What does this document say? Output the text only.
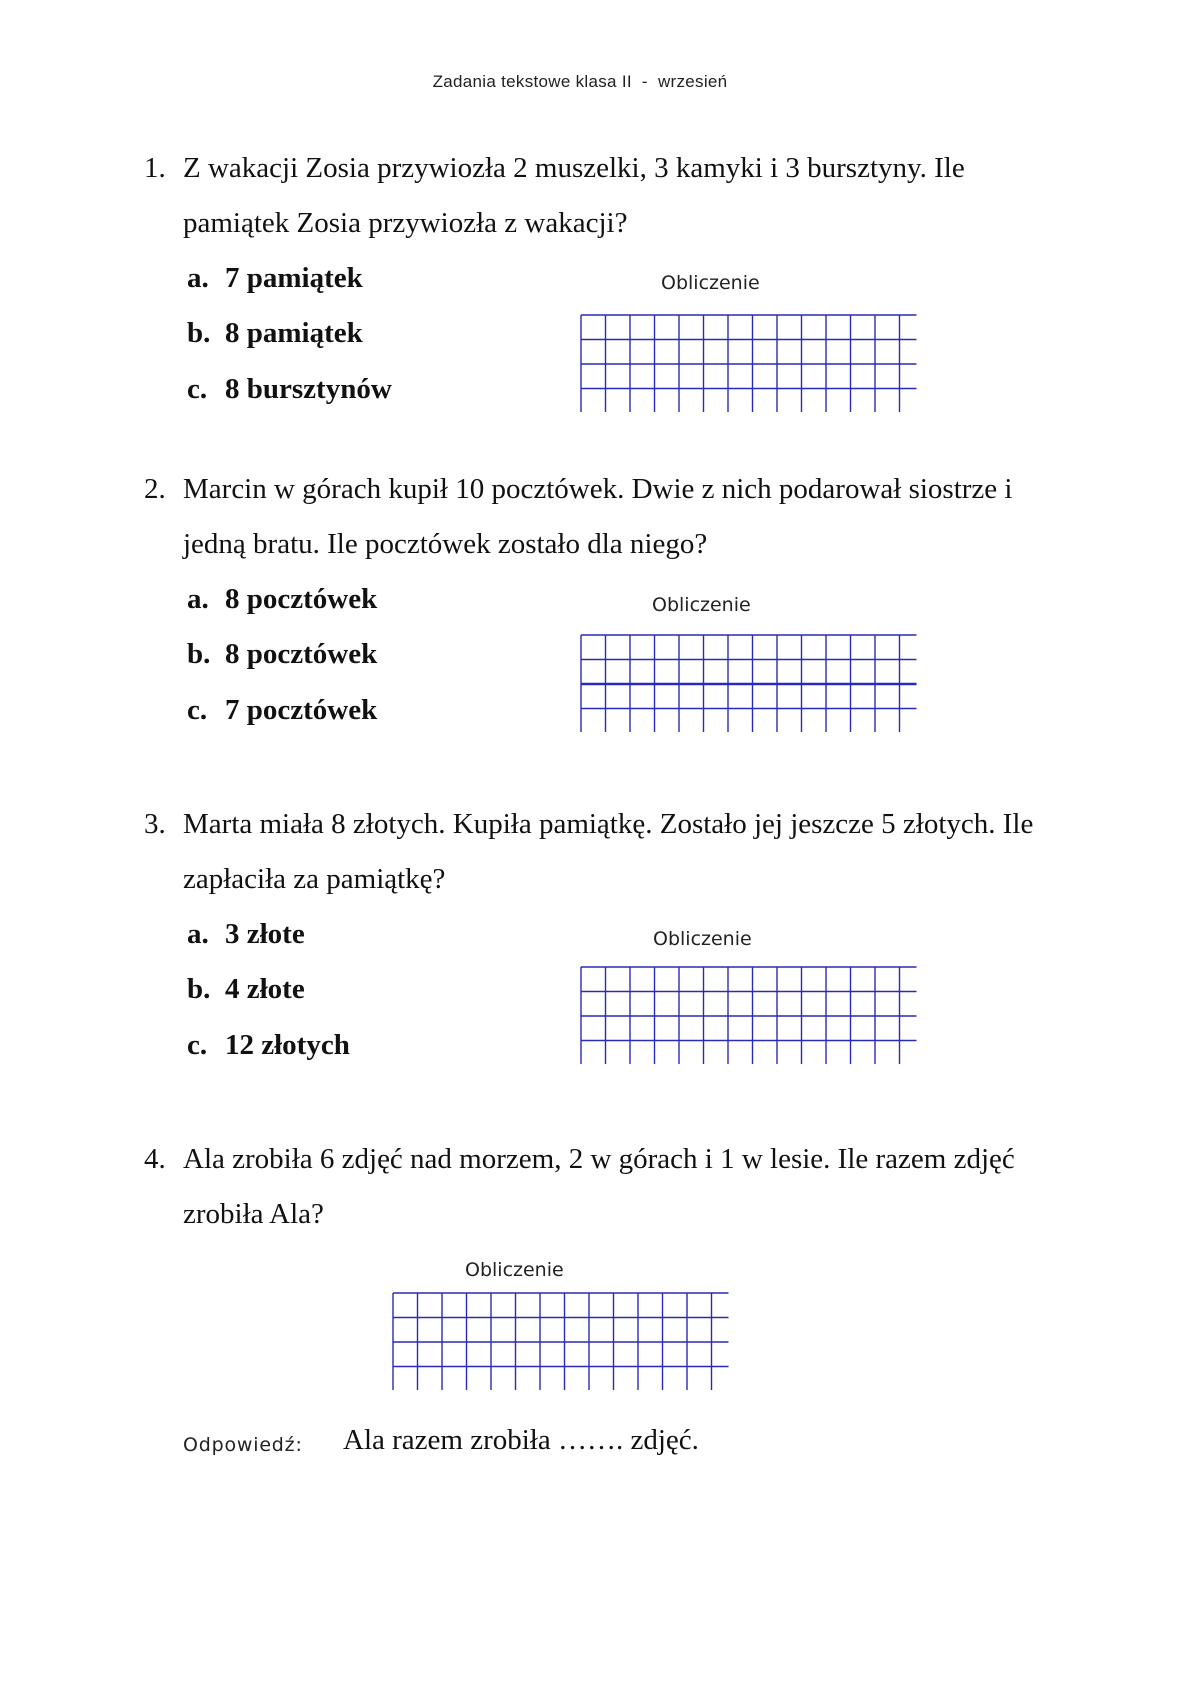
Zadania tekstowe klasa II  -  wrzesień
1. Z wakacji Zosia przywiozła 2 muszelki, 3 kamyki i 3 bursztyny. Ile
pamiątek Zosia przywiozła z wakacji?
a. 7 pamiątek
b. 8 pamiątek
c. 8 bursztynów
Obliczenie
2. Marcin w górach kupił 10 pocztówek. Dwie z nich podarował siostrze i
jedną bratu. Ile pocztówek zostało dla niego?
a. 8 pocztówek
b. 8 pocztówek
c. 7 pocztówek
Obliczenie
3. Marta miała 8 złotych. Kupiła pamiątkę. Zostało jej jeszcze 5 złotych. Ile
zapłaciła za pamiątkę?
a. 3 złote
b. 4 złote
c. 12 złotych
Obliczenie
4. Ala zrobiła 6 zdjęć nad morzem, 2 w górach i 1 w lesie. Ile razem zdjęć
zrobiła Ala?
Obliczenie
Odpowiedź: Ala razem zrobiła ……. zdjęć.
